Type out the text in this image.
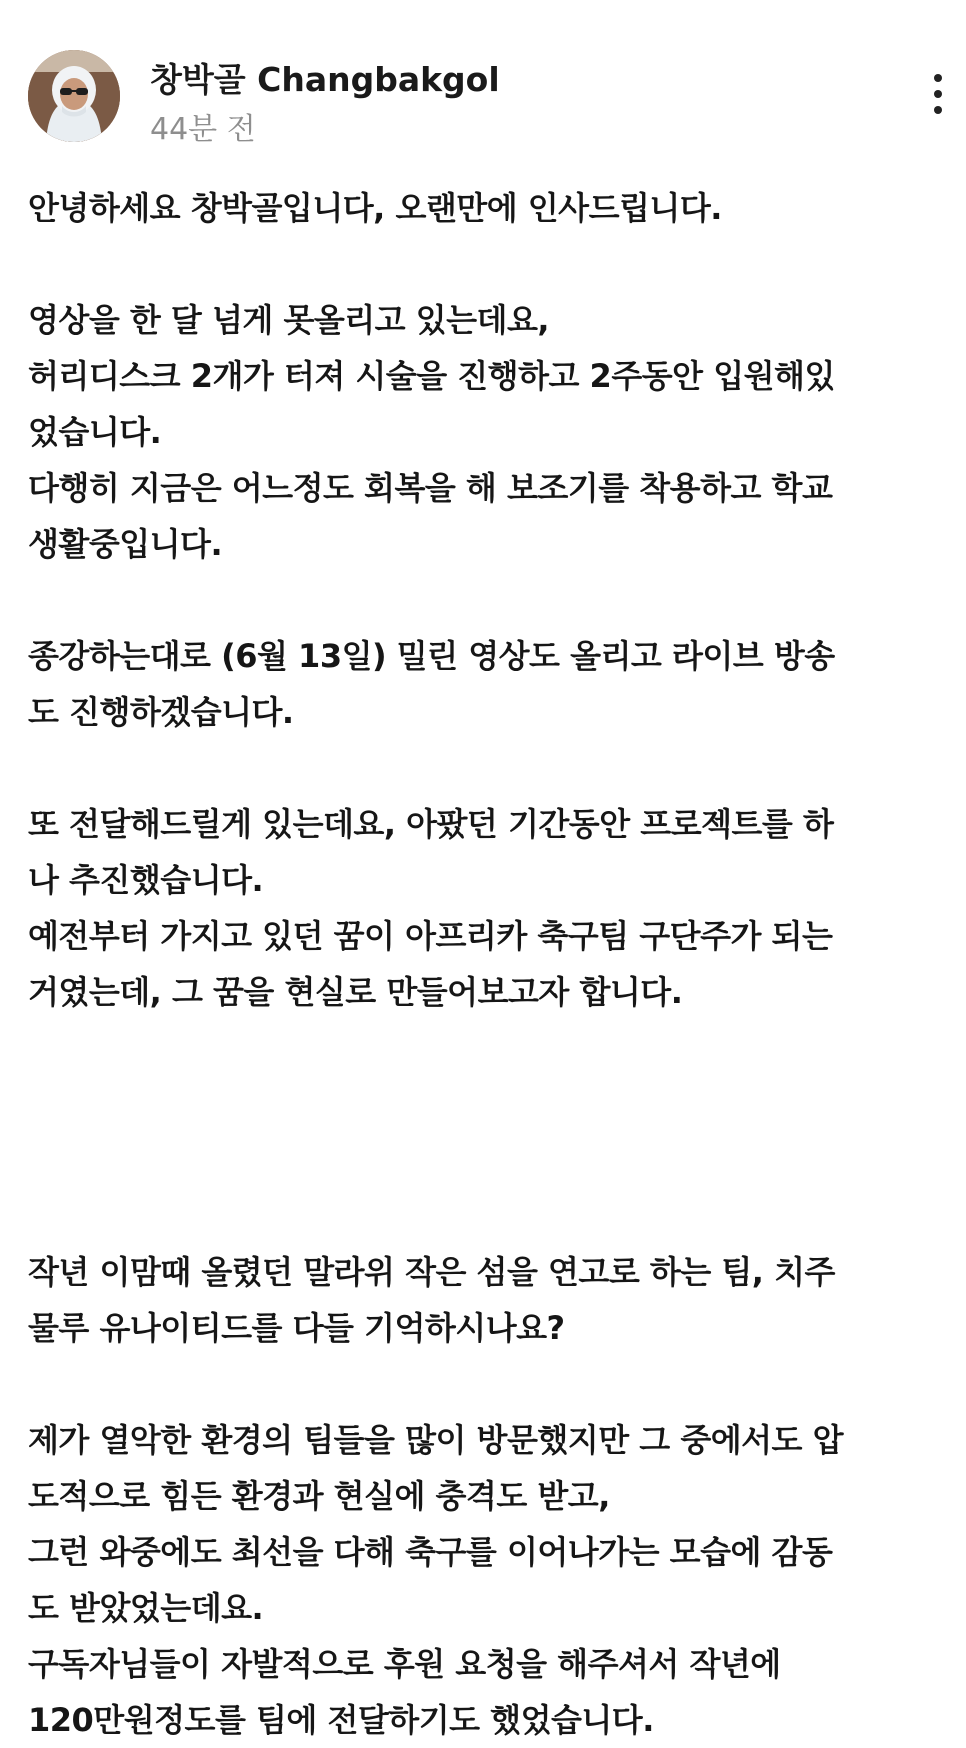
창박골 Changbakgol
44분 전

안녕하세요 창박골입니다, 오랜만에 인사드립니다.

영상을 한 달 넘게 못올리고 있는데요,
허리디스크 2개가 터져 시술을 진행하고 2주동안 입원해있
었습니다.
다행히 지금은 어느정도 회복을 해 보조기를 착용하고 학교
생활중입니다.

종강하는대로 (6월 13일) 밀린 영상도 올리고 라이브 방송
도 진행하겠습니다.

또 전달해드릴게 있는데요, 아팠던 기간동안 프로젝트를 하
나 추진했습니다.
예전부터 가지고 있던 꿈이 아프리카 축구팀 구단주가 되는
거였는데, 그 꿈을 현실로 만들어보고자 합니다.

작년 이맘때 올렸던 말라위 작은 섬을 연고로 하는 팀, 치주
물루 유나이티드를 다들 기억하시나요?

제가 열악한 환경의 팀들을 많이 방문했지만 그 중에서도 압
도적으로 힘든 환경과 현실에 충격도 받고,
그런 와중에도 최선을 다해 축구를 이어나가는 모습에 감동
도 받았었는데요.
구독자님들이 자발적으로 후원 요청을 해주셔서 작년에
120만원정도를 팀에 전달하기도 했었습니다.
